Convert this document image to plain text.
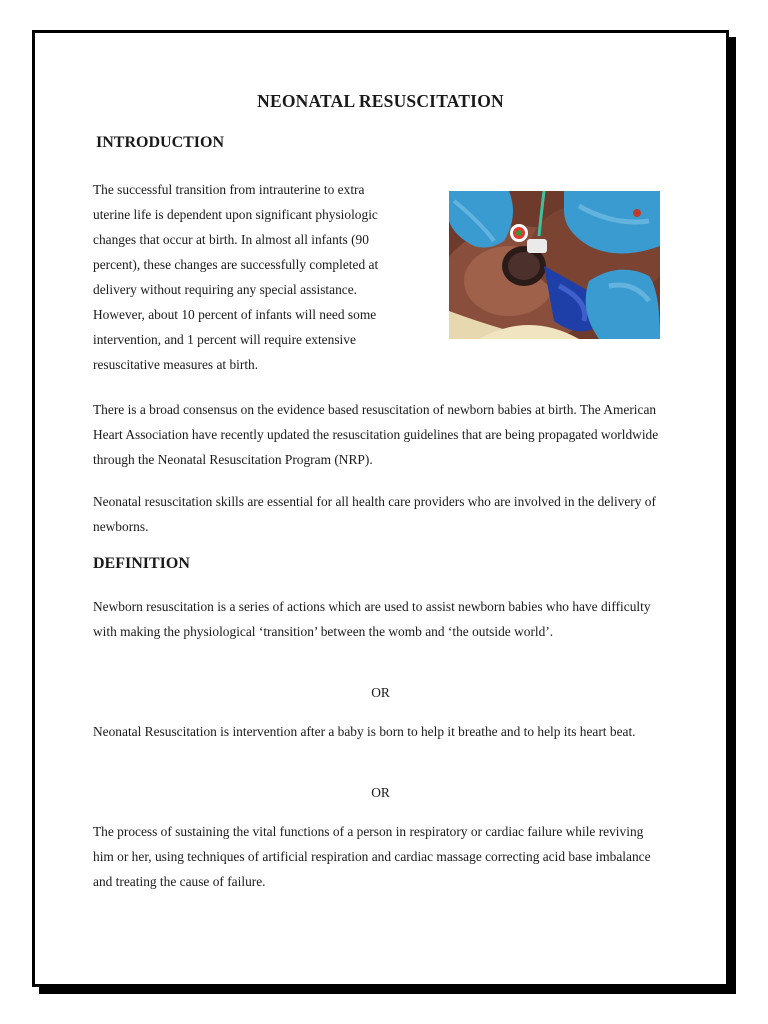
NEONATAL RESUSCITATION
INTRODUCTION
The successful transition from intrauterine to extra
uterine life is dependent upon significant physiologic
changes that occur at birth. In almost all infants (90
percent), these changes are successfully completed at
delivery without requiring any special assistance.
However, about 10 percent of infants will need some
intervention, and 1 percent will require extensive
resuscitative measures at birth.

There is a broad consensus on the evidence based resuscitation of newborn babies at birth. The American Heart Association have recently updated the resuscitation guidelines that are being propagated worldwide through the Neonatal Resuscitation Program (NRP).

Neonatal resuscitation skills are essential for all health care providers who are involved in the delivery of newborns.

DEFINITION

Newborn resuscitation is a series of actions which are used to assist newborn babies who have difficulty with making the physiological ‘transition’ between the womb and ‘the outside world’.

OR

Neonatal Resuscitation is intervention after a baby is born to help it breathe and to help its heart beat.

OR

The process of sustaining the vital functions of a person in respiratory or cardiac failure while reviving him or her, using techniques of artificial respiration and cardiac massage correcting acid base imbalance and treating the cause of failure.
